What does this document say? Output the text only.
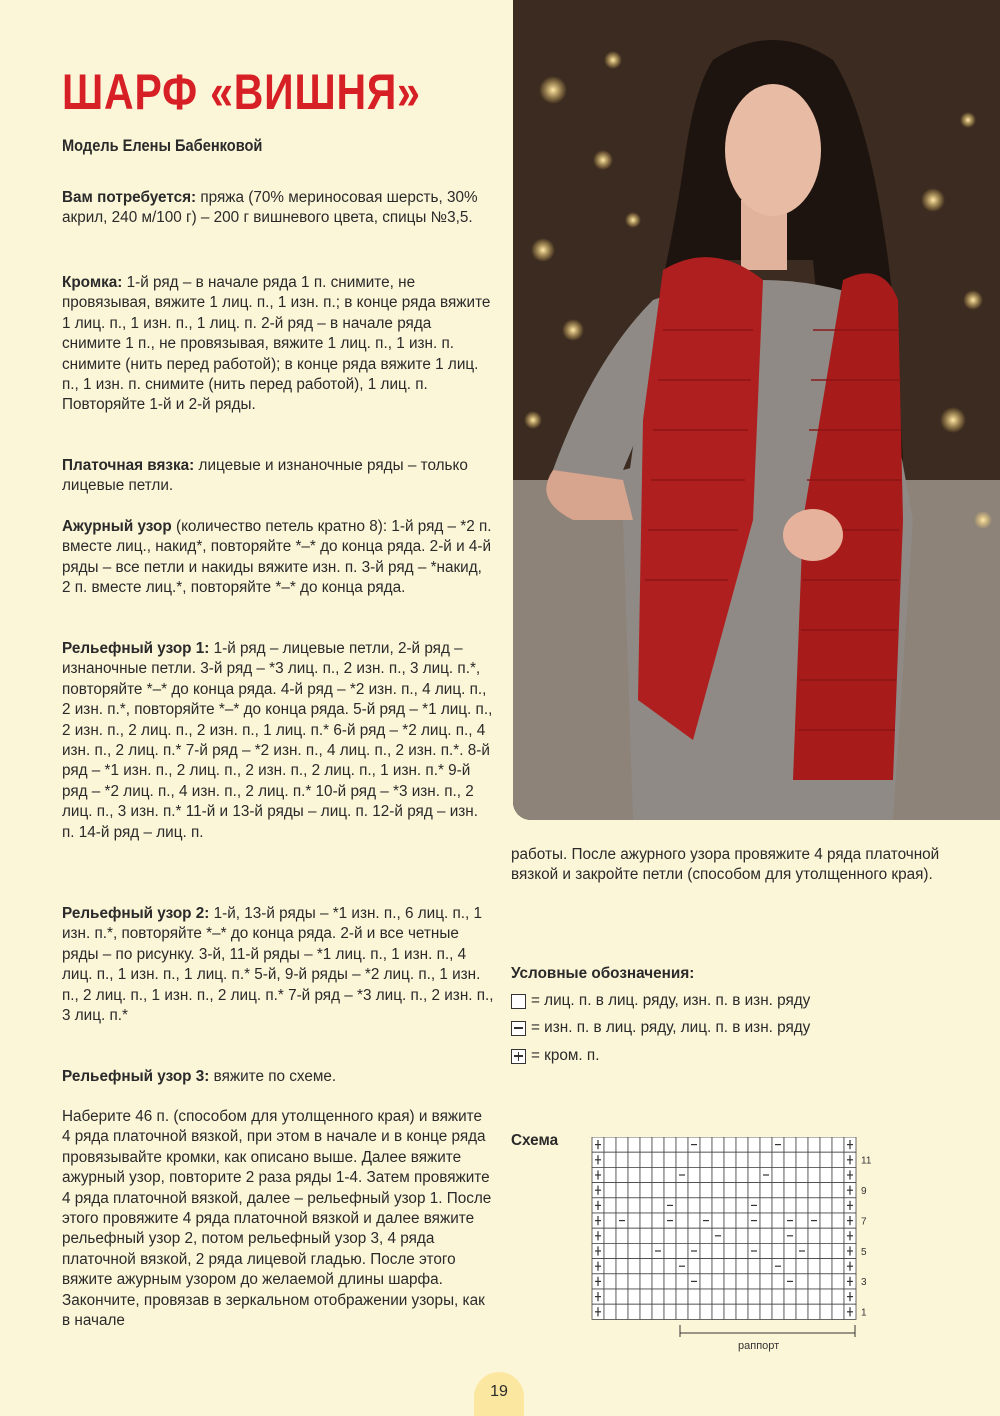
ШАРФ «ВИШНЯ»
Модель Елены Бабенковой

Вам потребуется: пряжа (70% мериносовая шерсть, 30% акрил, 240 м/100 г) – 200 г вишневого цвета, спицы №3,5.

Кромка: 1-й ряд – в начале ряда 1 п. снимите, не провязывая, вяжите 1 лиц. п., 1 изн. п.; в конце ряда вяжите 1 лиц. п., 1 изн. п., 1 лиц. п. 2-й ряд – в начале ряда снимите 1 п., не провязывая, вяжите 1 лиц. п., 1 изн. п. снимите (нить перед работой); в конце ряда вяжите 1 лиц. п., 1 изн. п. снимите (нить перед работой), 1 лиц. п. Повторяйте 1-й и 2-й ряды.

Платочная вязка: лицевые и изнаночные ряды – только лицевые петли.

Ажурный узор (количество петель кратно 8): 1-й ряд – *2 п. вместе лиц., накид*, повторяйте *–* до конца ряда. 2-й и 4-й ряды – все петли и накиды вяжите изн. п. 3-й ряд – *накид, 2 п. вместе лиц.*, повторяйте *–* до конца ряда.

Рельефный узор 1: 1-й ряд – лицевые петли, 2-й ряд – изнаночные петли. 3-й ряд – *3 лиц. п., 2 изн. п., 3 лиц. п.*, повторяйте *–* до конца ряда. 4-й ряд – *2 изн. п., 4 лиц. п., 2 изн. п.*, повторяйте *–* до конца ряда. 5-й ряд – *1 лиц. п., 2 изн. п., 2 лиц. п., 2 изн. п., 1 лиц. п.* 6-й ряд – *2 лиц. п., 4 изн. п., 2 лиц. п.* 7-й ряд – *2 изн. п., 4 лиц. п., 2 изн. п.*. 8-й ряд – *1 изн. п., 2 лиц. п., 2 изн. п., 2 лиц. п., 1 изн. п.* 9-й ряд – *2 лиц. п., 4 изн. п., 2 лиц. п.* 10-й ряд – *3 изн. п., 2 лиц. п., 3 изн. п.* 11-й и 13-й ряды – лиц. п. 12-й ряд – изн. п. 14-й ряд – лиц. п.

Рельефный узор 2: 1-й, 13-й ряды – *1 изн. п., 6 лиц. п., 1 изн. п.*, повторяйте *–* до конца ряда. 2-й и все четные ряды – по рисунку. 3-й, 11-й ряды – *1 лиц. п., 1 изн. п., 4 лиц. п., 1 изн. п., 1 лиц. п.* 5-й, 9-й ряды – *2 лиц. п., 1 изн. п., 2 лиц. п., 1 изн. п., 2 лиц. п.* 7-й ряд – *3 лиц. п., 2 изн. п., 3 лиц. п.*

Рельефный узор 3: вяжите по схеме.

Наберите 46 п. (способом для утолщенного края) и вяжите 4 ряда платочной вязкой, при этом в начале и в конце ряда провязывайте кромки, как описано выше. Далее вяжите ажурный узор, повторите 2 раза ряды 1-4. Затем провяжите 4 ряда платочной вязкой, далее – рельефный узор 1. После этого провяжите 4 ряда платочной вязкой и далее вяжите рельефный узор 2, потом рельефный узор 3, 4 ряда платочной вязкой, 2 ряда лицевой гладью. После этого вяжите ажурным узором до желаемой длины шарфа. Закончите, провязав в зеркальном отображении узоры, как в начале

работы. После ажурного узора провяжите 4 ряда платочной вязкой и закройте петли (способом для утолщенного края).

Условные обозначения:
= лиц. п. в лиц. ряду, изн. п. в изн. ряду
= изн. п. в лиц. ряду, лиц. п. в изн. ряду
= кром. п.
Схема
1
3
5
7
9
11
раппорт
19
